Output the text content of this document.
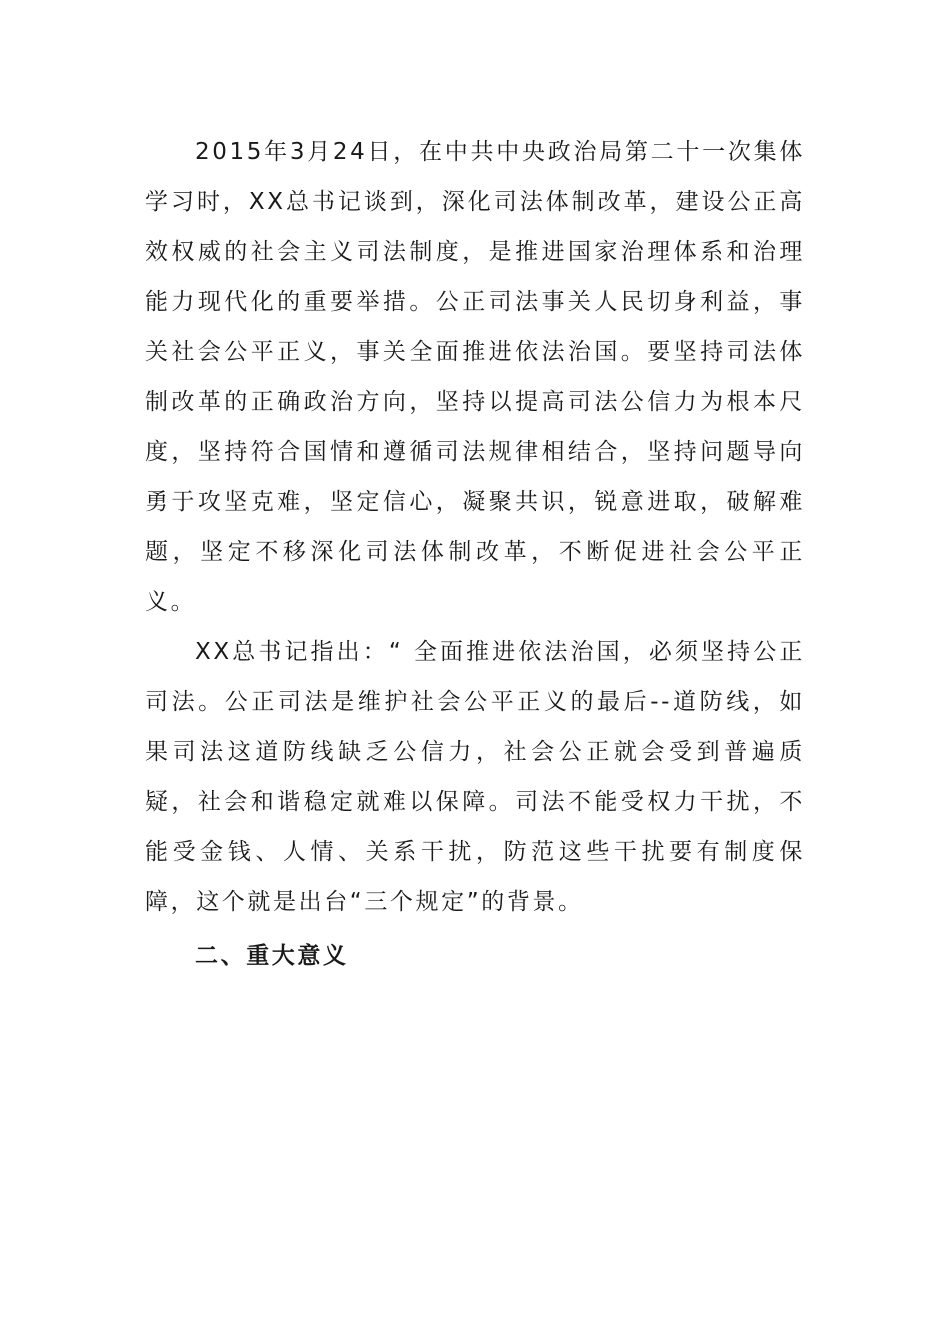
2015年3月24日，在中共中央政治局第二十一次集体学习时，XX总书记谈到，深化司法体制改革，建设公正高效权威的社会主义司法制度，是推进国家治理体系和治理能力现代化的重要举措。公正司法事关人民切身利益，事关社会公平正义，事关全面推进依法治国。要坚持司法体制改革的正确政治方向，坚持以提高司法公信力为根本尺度，坚持符合国情和遵循司法规律相结合，坚持问题导向勇于攻坚克难，坚定信心，凝聚共识，锐意进取，破解难题，坚定不移深化司法体制改革，不断促进社会公平正义。

XX总书记指出：“ 全面推进依法治国，必须坚持公正司法。公正司法是维护社会公平正义的最后--道防线，如果司法这道防线缺乏公信力，社会公正就会受到普遍质疑，社会和谐稳定就难以保障。司法不能受权力干扰，不能受金钱、人情、关系干扰，防范这些干扰要有制度保障，这个就是出台“三个规定”的背景。

二、重大意义
